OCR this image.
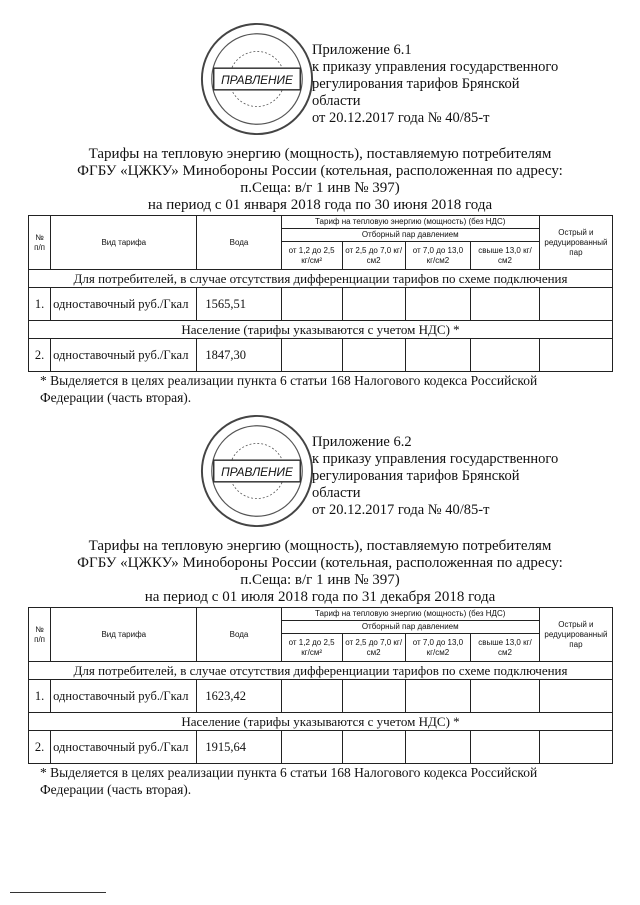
ПРАВЛЕНИЕ
Приложение 6.1
к приказу управления государственного
регулирования тарифов Брянской
области
от 20.12.2017 года № 40/85-т
Тарифы на тепловую энергию (мощность), поставляемую потребителям
ФГБУ «ЦЖКУ» Минобороны России (котельная, расположенная по адресу:
п.Сеща: в/г 1 инв № 397)
на период с 01 января 2018 года по 30 июня 2018 года
№ п/п	Вид тарифа	Вода	Тариф на тепловую энергию (мощность) (без НДС)				Острый и редуцированный пар
			Отборный пар давлением				
			от 1,2 до 2,5 кг/см²	от 2,5 до 7,0 кг/см2	от 7,0 до 13,0 кг/см2	свыше 13,0 кг/см2	
Для потребителей, в случае отсутствия дифференциации тарифов по схеме подключения							
1.	одноставочный руб./Гкал	1565,51					
Население (тарифы указываются с учетом НДС) *							
2.	одноставочный руб./Гкал	1847,30					
* Выделяется в целях реализации пункта 6 статьи 168 Налогового кодекса Российской Федерации (часть вторая).
ПРАВЛЕНИЕ
Приложение 6.2
к приказу управления государственного
регулирования тарифов Брянской
области
от 20.12.2017 года № 40/85-т
Тарифы на тепловую энергию (мощность), поставляемую потребителям
ФГБУ «ЦЖКУ» Минобороны России (котельная, расположенная по адресу:
п.Сеща: в/г 1 инв № 397)
на период с 01 июля 2018 года по 31 декабря 2018 года
№ п/п	Вид тарифа	Вода	Тариф на тепловую энергию (мощность) (без НДС)				Острый и редуцированный пар
			Отборный пар давлением				
			от 1,2 до 2,5 кг/см²	от 2,5 до 7,0 кг/см2	от 7,0 до 13,0 кг/см2	свыше 13,0 кг/см2	
Для потребителей, в случае отсутствия дифференциации тарифов по схеме подключения							
1.	одноставочный руб./Гкал	1623,42					
Население (тарифы указываются с учетом НДС) *							
2.	одноставочный руб./Гкал	1915,64					
* Выделяется в целях реализации пункта 6 статьи 168 Налогового кодекса Российской Федерации (часть вторая).
